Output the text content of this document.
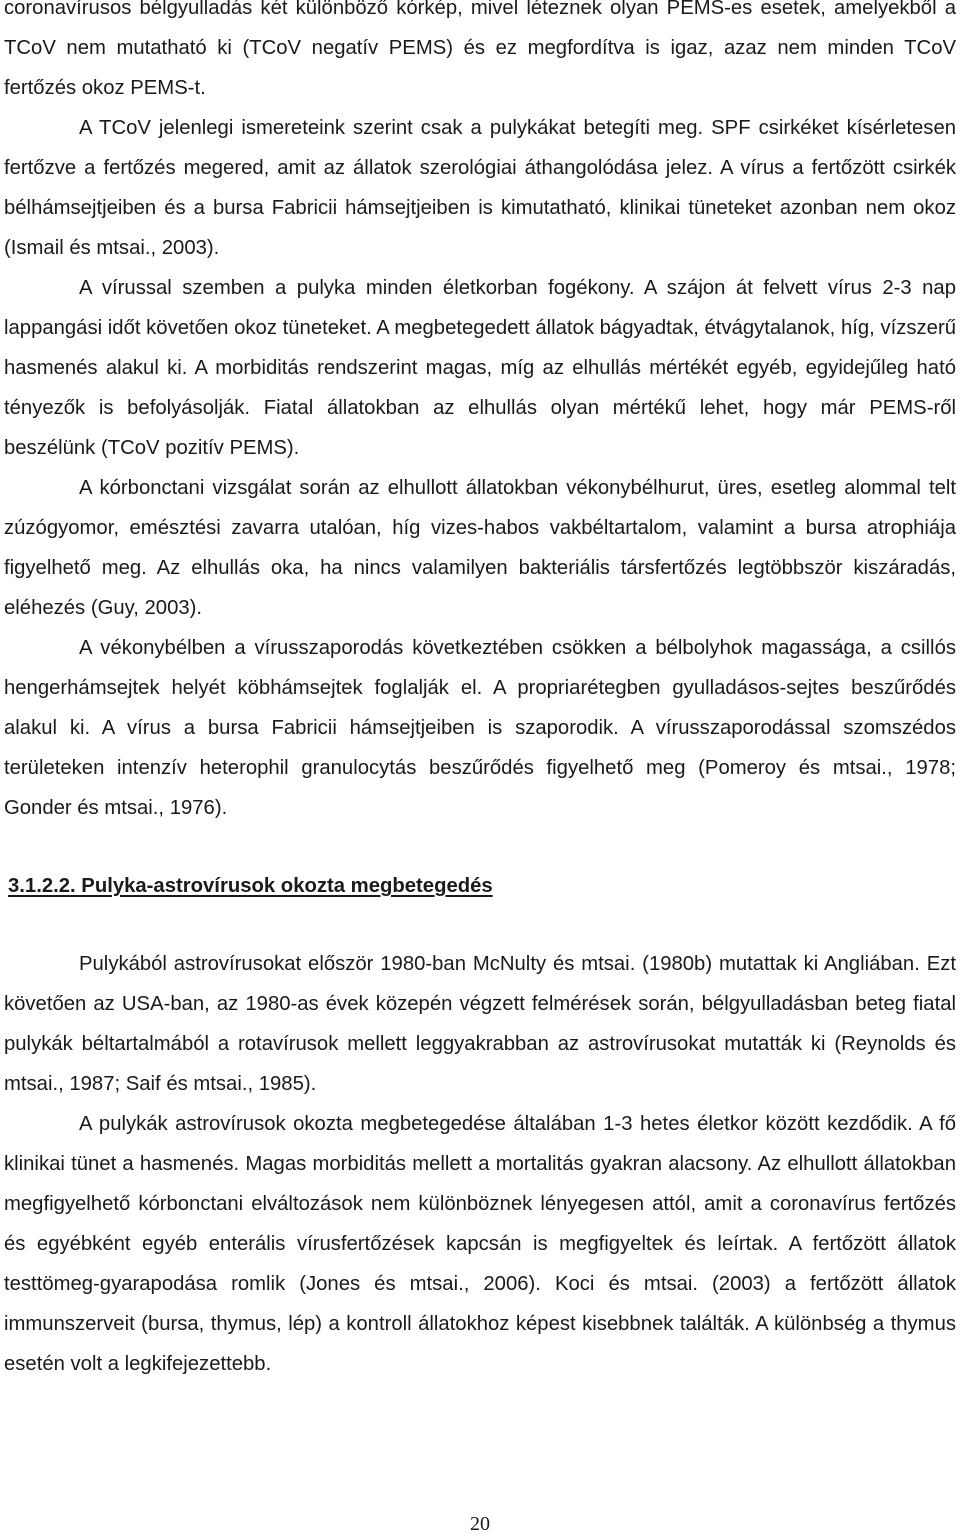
coronavírusos bélgyulladás két különböző kórkép, mivel léteznek olyan PEMS-es esetek, amelyekből a TCoV nem mutatható ki (TCoV negatív PEMS) és ez megfordítva is igaz, azaz nem minden TCoV fertőzés okoz PEMS-t.

A TCoV jelenlegi ismereteink szerint csak a pulykákat betegíti meg. SPF csirkéket kísérletesen fertőzve a fertőzés megered, amit az állatok szerológiai áthangolódása jelez. A vírus a fertőzött csirkék bélhámsejtjeiben és a bursa Fabricii hámsejtjeiben is kimutatható, klinikai tüneteket azonban nem okoz (Ismail és mtsai., 2003).

A vírussal szemben a pulyka minden életkorban fogékony. A szájon át felvett vírus 2-3 nap lappangási időt követően okoz tüneteket. A megbetegedett állatok bágyadtak, étvágytalanok, híg, vízszerű hasmenés alakul ki. A morbiditás rendszerint magas, míg az elhullás mértékét egyéb, egyidejűleg ható tényezők is befolyásolják. Fiatal állatokban az elhullás olyan mértékű lehet, hogy már PEMS-ről beszélünk (TCoV pozitív PEMS).

A kórbonctani vizsgálat során az elhullott állatokban vékonybélhurut, üres, esetleg alommal telt zúzógyomor, emésztési zavarra utalóan, híg vizes-habos vakbéltartalom, valamint a bursa atrophiája figyelhető meg. Az elhullás oka, ha nincs valamilyen bakteriális társfertőzés legtöbbször kiszáradás, eléhezés (Guy, 2003).

A vékonybélben a vírusszaporodás következtében csökken a bélbolyhok magassága, a csillós hengerhámsejtek helyét köbhámsejtek foglalják el. A propriarétegben gyulladásos-sejtes beszűrődés alakul ki. A vírus a bursa Fabricii hámsejtjeiben is szaporodik. A vírusszaporodással szomszédos területeken intenzív heterophil granulocytás beszűrődés figyelhető meg (Pomeroy és mtsai., 1978; Gonder és mtsai., 1976).

3.1.2.2. Pulyka-astrovírusok okozta megbetegedés

Pulykából astrovírusokat először 1980-ban McNulty és mtsai. (1980b) mutattak ki Angliában. Ezt követően az USA-ban, az 1980-as évek közepén végzett felmérések során, bélgyulladásban beteg fiatal pulykák béltartalmából a rotavírusok mellett leggyakrabban az astrovírusokat mutatták ki (Reynolds és mtsai., 1987; Saif és mtsai., 1985).

A pulykák astrovírusok okozta megbetegedése általában 1-3 hetes életkor között kezdődik. A fő klinikai tünet a hasmenés. Magas morbiditás mellett a mortalitás gyakran alacsony. Az elhullott állatokban megfigyelhető kórbonctani elváltozások nem különböznek lényegesen attól, amit a coronavírus fertőzés és egyébként egyéb enterális vírusfertőzések kapcsán is megfigyeltek és leírtak. A fertőzött állatok testtömeg-gyarapodása romlik (Jones és mtsai., 2006). Koci és mtsai. (2003) a fertőzött állatok immunszerveit (bursa, thymus, lép) a kontroll állatokhoz képest kisebbnek találták. A különbség a thymus esetén volt a legkifejezettebb.

20
